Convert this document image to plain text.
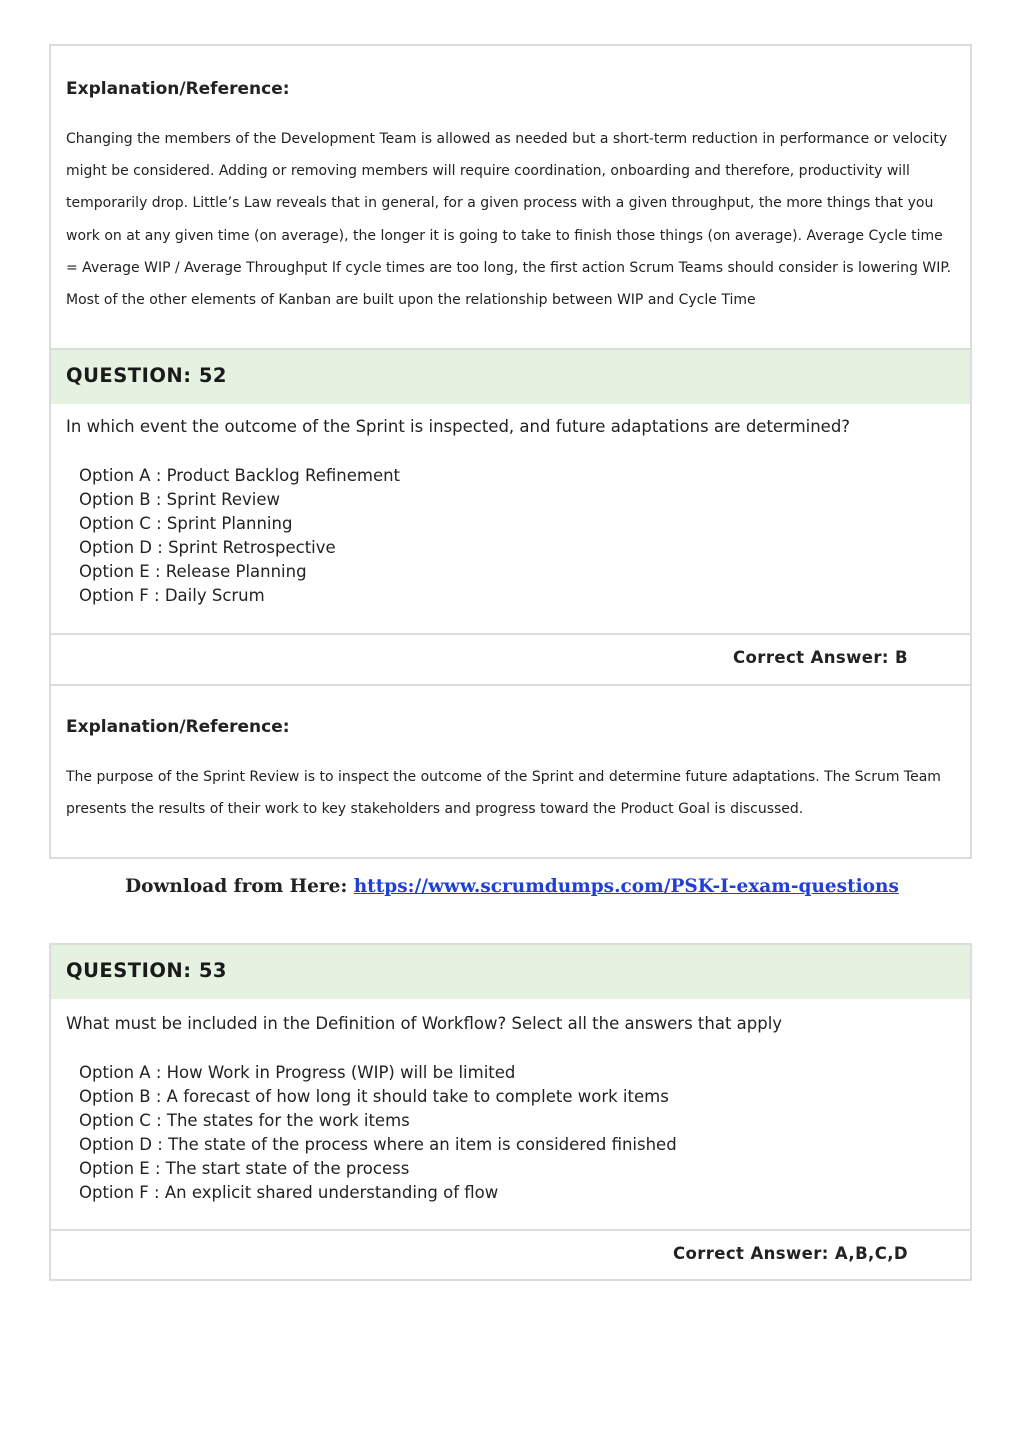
Explanation/Reference:

Changing the members of the Development Team is allowed as needed but a short-term reduction in performance or velocity might be considered. Adding or removing members will require coordination, onboarding and therefore, productivity will temporarily drop. Little’s Law reveals that in general, for a given process with a given throughput, the more things that you work on at any given time (on average), the longer it is going to take to finish those things (on average). Average Cycle time = Average WIP / Average Throughput If cycle times are too long, the first action Scrum Teams should consider is lowering WIP. Most of the other elements of Kanban are built upon the relationship between WIP and Cycle Time

QUESTION: 52
In which event the outcome of the Sprint is inspected, and future adaptations are determined?
Option A : Product Backlog Refinement
Option B : Sprint Review
Option C : Sprint Planning
Option D : Sprint Retrospective
Option E : Release Planning
Option F : Daily Scrum
Correct Answer: B
Explanation/Reference:

The purpose of the Sprint Review is to inspect the outcome of the Sprint and determine future adaptations. The Scrum Team presents the results of their work to key stakeholders and progress toward the Product Goal is discussed.

Download from Here: https://www.scrumdumps.com/PSK-I-exam-questions
QUESTION: 53
What must be included in the Definition of Workflow? Select all the answers that apply
Option A : How Work in Progress (WIP) will be limited
Option B : A forecast of how long it should take to complete work items
Option C : The states for the work items
Option D : The state of the process where an item is considered finished
Option E : The start state of the process
Option F : An explicit shared understanding of flow
Correct Answer: A,B,C,D
